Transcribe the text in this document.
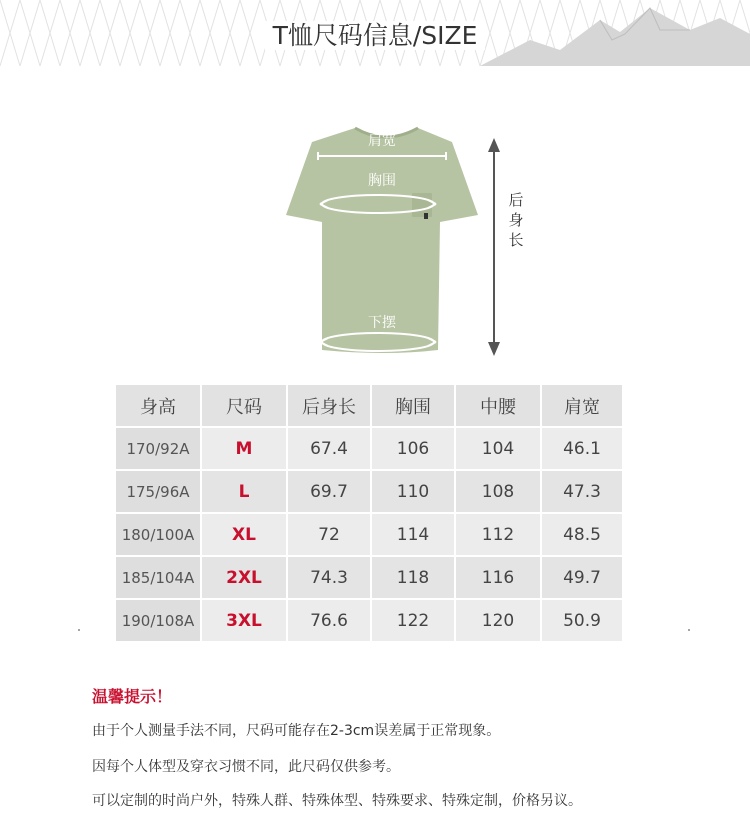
T恤尺码信息/SIZE
肩宽
胸围
下摆
后身长
身高	尺码	后身长	胸围	中腰	肩宽
170/92A	M	67.4	106	104	46.1
175/96A	L	69.7	110	108	47.3
180/100A	XL	72	114	112	48.5
185/104A	2XL	74.3	118	116	49.7
190/108A	3XL	76.6	122	120	50.9
温馨提示！
由于个人测量手法不同，尺码可能存在2-3cm误差属于正常现象。
因每个人体型及穿衣习惯不同，此尺码仅供参考。
可以定制的时尚户外，特殊人群、特殊体型、特殊要求、特殊定制，价格另议。
